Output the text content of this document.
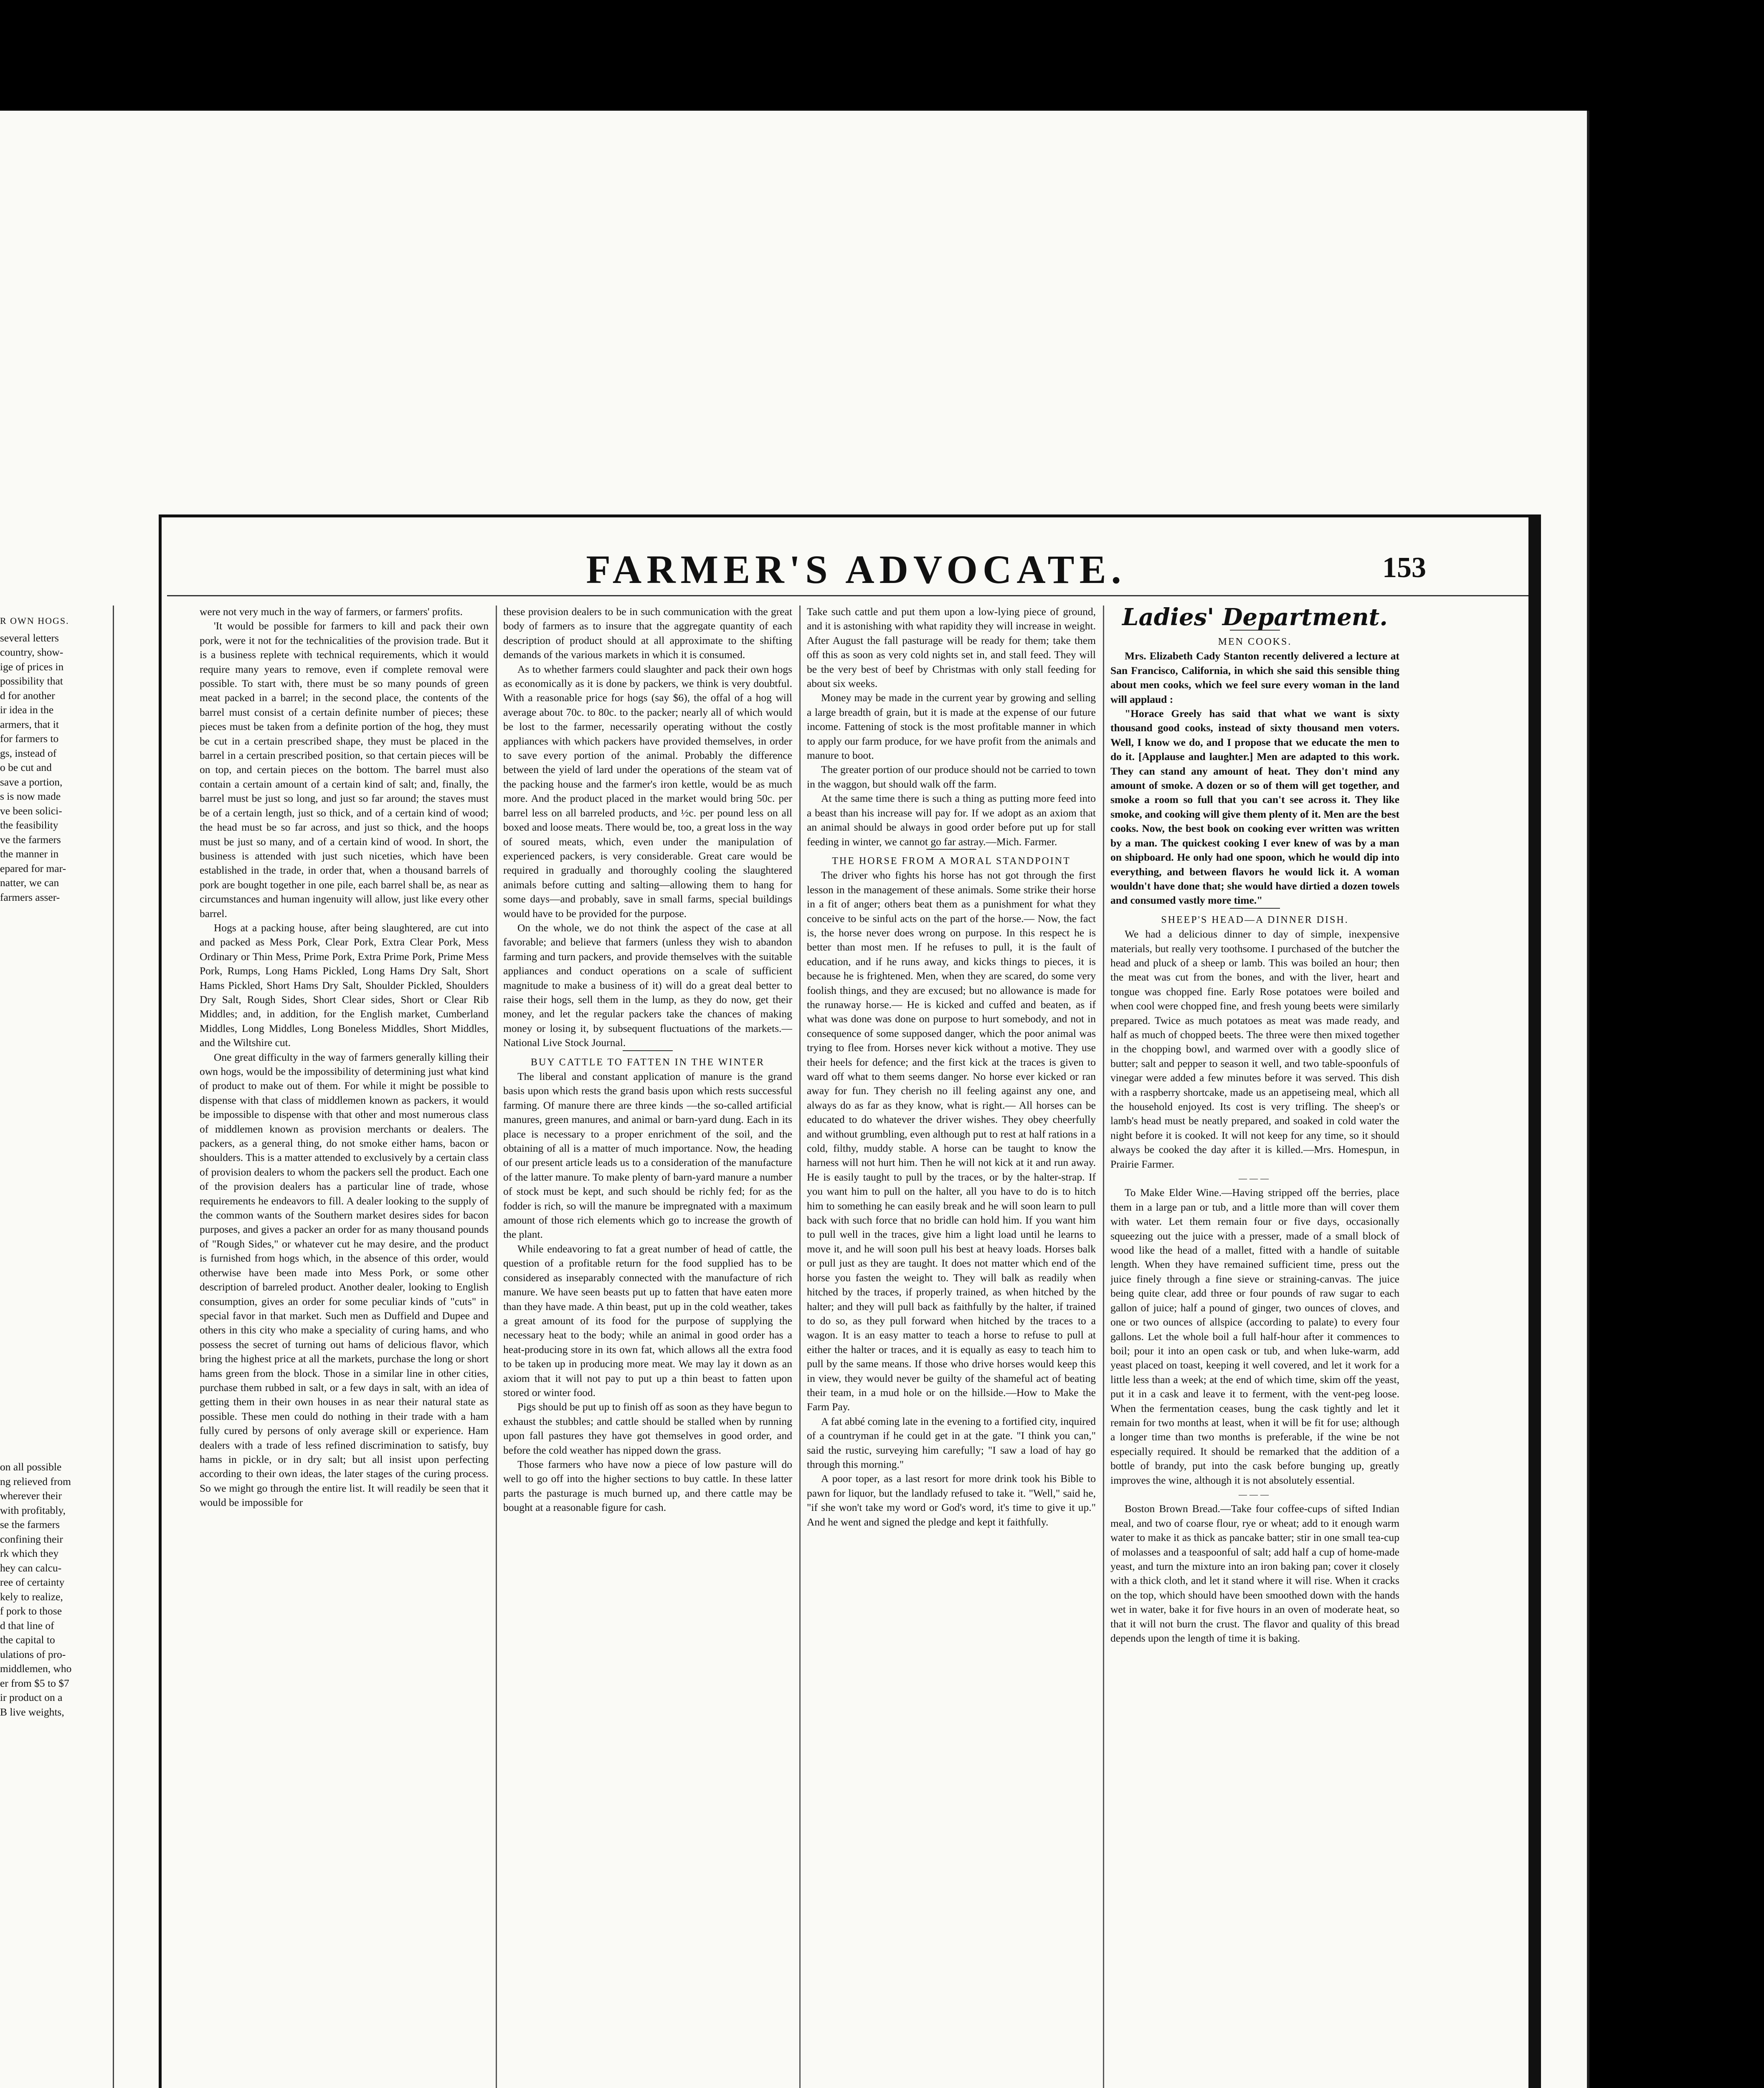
R OWN HOGS.

several letters

country, show-

ige of prices in

possibility that

d for another

ir idea in the

armers, that it

for farmers to

gs, instead of

o be cut and

save a portion,

s is now made

ve been solici-

the feasibility

ve the farmers

the manner in

epared for mar-

natter, we can

farmers asser-

on all possible

ng relieved from

wherever their

with profitably,

se the farmers

confining their

rk which they

hey can calcu-

ree of certainty

kely to realize,

f pork to those

d that line of

the capital to

ulations of pro-

middlemen, who

er from $5 to $7

ir product on a

B live weights,

FARMER'S ADVOCATE.	153

were not very much in the way of farmers, or farmers' profits.

'It would be possible for farmers to kill and pack their own pork, were it not for the technicalities of the provision trade. But it is a business replete with technical requirements, which it would require many years to remove, even if complete removal were possible. To start with, there must be so many pounds of green meat packed in a barrel; in the second place, the contents of the barrel must consist of a certain definite number of pieces; these pieces must be taken from a definite portion of the hog, they must be cut in a certain prescribed shape, they must be placed in the barrel in a certain prescribed position, so that certain pieces will be on top, and certain pieces on the bottom. The barrel must also contain a certain amount of a certain kind of salt; and, finally, the barrel must be just so long, and just so far around; the staves must be of a certain length, just so thick, and of a certain kind of wood; the head must be so far across, and just so thick, and the hoops must be just so many, and of a certain kind of wood. In short, the business is attended with just such niceties, which have been established in the trade, in order that, when a thousand barrels of pork are bought together in one pile, each barrel shall be, as near as circumstances and human ingenuity will allow, just like every other barrel.

Hogs at a packing house, after being slaughtered, are cut into and packed as Mess Pork, Clear Pork, Extra Clear Pork, Mess Ordinary or Thin Mess, Prime Pork, Extra Prime Pork, Prime Mess Pork, Rumps, Long Hams Pickled, Long Hams Dry Salt, Short Hams Pickled, Short Hams Dry Salt, Shoulder Pickled, Shoulders Dry Salt, Rough Sides, Short Clear sides, Short or Clear Rib Middles; and, in addition, for the English market, Cumberland Middles, Long Middles, Long Boneless Middles, Short Middles, and the Wiltshire cut.

One great difficulty in the way of farmers generally killing their own hogs, would be the impossibility of determining just what kind of product to make out of them. For while it might be possible to dispense with that class of middlemen known as packers, it would be impossible to dispense with that other and most numerous class of middlemen known as provision merchants or dealers. The packers, as a general thing, do not smoke either hams, bacon or shoulders. This is a matter attended to exclusively by a certain class of provision dealers to whom the packers sell the product. Each one of the provision dealers has a particular line of trade, whose requirements he endeavors to fill. A dealer looking to the supply of the common wants of the Southern market desires sides for bacon purposes, and gives a packer an order for as many thousand pounds of "Rough Sides," or whatever cut he may desire, and the product is furnished from hogs which, in the absence of this order, would otherwise have been made into Mess Pork, or some other description of barreled product. Another dealer, looking to English consumption, gives an order for some peculiar kinds of "cuts" in special favor in that market. Such men as Duffield and Dupee and others in this city who make a speciality of curing hams, and who possess the secret of turning out hams of delicious flavor, which bring the highest price at all the markets, purchase the long or short hams green from the block. Those in a similar line in other cities, purchase them rubbed in salt, or a few days in salt, with an idea of getting them in their own houses in as near their natural state as possible. These men could do nothing in their trade with a ham fully cured by persons of only average skill or experience. Ham dealers with a trade of less refined discrimination to satisfy, buy hams in pickle, or in dry salt; but all insist upon perfecting according to their own ideas, the later stages of the curing process. So we might go through the entire list. It will readily be seen that it would be impossible for

these provision dealers to be in such communication with the great body of farmers as to insure that the aggregate quantity of each description of product should at all approximate to the shifting demands of the various markets in which it is consumed.

As to whether farmers could slaughter and pack their own hogs as economically as it is done by packers, we think is very doubtful. With a reasonable price for hogs (say $6), the offal of a hog will average about 70c. to 80c. to the packer; nearly all of which would be lost to the farmer, necessarily operating without the costly appliances with which packers have provided themselves, in order to save every portion of the animal. Probably the difference between the yield of lard under the operations of the steam vat of the packing house and the farmer's iron kettle, would be as much more. And the product placed in the market would bring 50c. per barrel less on all barreled products, and ½c. per pound less on all boxed and loose meats. There would be, too, a great loss in the way of soured meats, which, even under the manipulation of experienced packers, is very considerable. Great care would be required in gradually and thoroughly cooling the slaughtered animals before cutting and salting—allowing them to hang for some days—and probably, save in small farms, special buildings would have to be provided for the purpose.

On the whole, we do not think the aspect of the case at all favorable; and believe that farmers (unless they wish to abandon farming and turn packers, and provide themselves with the suitable appliances and conduct operations on a scale of sufficient magnitude to make a business of it) will do a great deal better to raise their hogs, sell them in the lump, as they do now, get their money, and let the regular packers take the chances of making money or losing it, by subsequent fluctuations of the markets.—National Live Stock Journal.

BUY CATTLE TO FATTEN IN THE WINTER

The liberal and constant application of manure is the grand basis upon which rests the grand basis upon which rests successful farming. Of manure there are three kinds —the so-called artificial manures, green manures, and animal or barn-yard dung. Each in its place is necessary to a proper enrichment of the soil, and the obtaining of all is a matter of much importance. Now, the heading of our present article leads us to a consideration of the manufacture of the latter manure. To make plenty of barn-yard manure a number of stock must be kept, and such should be richly fed; for as the fodder is rich, so will the manure be impregnated with a maximum amount of those rich elements which go to increase the growth of the plant.

While endeavoring to fat a great number of head of cattle, the question of a profitable return for the food supplied has to be considered as inseparably connected with the manufacture of rich manure. We have seen beasts put up to fatten that have eaten more than they have made. A thin beast, put up in the cold weather, takes a great amount of its food for the purpose of supplying the necessary heat to the body; while an animal in good order has a heat-producing store in its own fat, which allows all the extra food to be taken up in producing more meat. We may lay it down as an axiom that it will not pay to put up a thin beast to fatten upon stored or winter food.

Pigs should be put up to finish off as soon as they have begun to exhaust the stubbles; and cattle should be stalled when by running upon fall pastures they have got themselves in good order, and before the cold weather has nipped down the grass.

Those farmers who have now a piece of low pasture will do well to go off into the higher sections to buy cattle. In these latter parts the pasturage is much burned up, and there cattle may be bought at a reasonable figure for cash.

Take such cattle and put them upon a low-lying piece of ground, and it is astonishing with what rapidity they will increase in weight. After August the fall pasturage will be ready for them; take them off this as soon as very cold nights set in, and stall feed. They will be the very best of beef by Christmas with only stall feeding for about six weeks.

Money may be made in the current year by growing and selling a large breadth of grain, but it is made at the expense of our future income. Fattening of stock is the most profitable manner in which to apply our farm produce, for we have profit from the animals and manure to boot.

The greater portion of our produce should not be carried to town in the waggon, but should walk off the farm.

At the same time there is such a thing as putting more feed into a beast than his increase will pay for. If we adopt as an axiom that an animal should be always in good order before put up for stall feeding in winter, we cannot go far astray.—Mich. Farmer.

THE HORSE FROM A MORAL STANDPOINT

The driver who fights his horse has not got through the first lesson in the management of these animals. Some strike their horse in a fit of anger; others beat them as a punishment for what they conceive to be sinful acts on the part of the horse.— Now, the fact is, the horse never does wrong on purpose. In this respect he is better than most men. If he refuses to pull, it is the fault of education, and if he runs away, and kicks things to pieces, it is because he is frightened. Men, when they are scared, do some very foolish things, and they are excused; but no allowance is made for the runaway horse.— He is kicked and cuffed and beaten, as if what was done was done on purpose to hurt somebody, and not in consequence of some supposed danger, which the poor animal was trying to flee from. Horses never kick without a motive. They use their heels for defence; and the first kick at the traces is given to ward off what to them seems danger. No horse ever kicked or ran away for fun. They cherish no ill feeling against any one, and always do as far as they know, what is right.— All horses can be educated to do whatever the driver wishes. They obey cheerfully and without grumbling, even although put to rest at half rations in a cold, filthy, muddy stable. A horse can be taught to know the harness will not hurt him. Then he will not kick at it and run away. He is easily taught to pull by the traces, or by the halter-strap. If you want him to pull on the halter, all you have to do is to hitch him to something he can easily break and he will soon learn to pull back with such force that no bridle can hold him. If you want him to pull well in the traces, give him a light load until he learns to move it, and he will soon pull his best at heavy loads. Horses balk or pull just as they are taught. It does not matter which end of the horse you fasten the weight to. They will balk as readily when hitched by the traces, if properly trained, as when hitched by the halter; and they will pull back as faithfully by the halter, if trained to do so, as they pull forward when hitched by the traces to a wagon. It is an easy matter to teach a horse to refuse to pull at either the halter or traces, and it is equally as easy to teach him to pull by the same means. If those who drive horses would keep this in view, they would never be guilty of the shameful act of beating their team, in a mud hole or on the hillside.—How to Make the Farm Pay.

A fat abbé coming late in the evening to a fortified city, inquired of a countryman if he could get in at the gate. "I think you can," said the rustic, surveying him carefully; "I saw a load of hay go through this morning."

A poor toper, as a last resort for more drink took his Bible to pawn for liquor, but the landlady refused to take it. "Well," said he, "if she won't take my word or God's word, it's time to give it up." And he went and signed the pledge and kept it faithfully.

Ladies' Department.

MEN COOKS.

Mrs. Elizabeth Cady Stanton recently delivered a lecture at San Francisco, California, in which she said this sensible thing about men cooks, which we feel sure every woman in the land will applaud :

"Horace Greely has said that what we want is sixty thousand good cooks, instead of sixty thousand men voters. Well, I know we do, and I propose that we educate the men to do it. [Applause and laughter.] Men are adapted to this work. They can stand any amount of heat. They don't mind any amount of smoke. A dozen or so of them will get together, and smoke a room so full that you can't see across it. They like smoke, and cooking will give them plenty of it. Men are the best cooks. Now, the best book on cooking ever written was written by a man. The quickest cooking I ever knew of was by a man on shipboard. He only had one spoon, which he would dip into everything, and between flavors he would lick it. A woman wouldn't have done that; she would have dirtied a dozen towels and consumed vastly more time."

SHEEP'S HEAD—A DINNER DISH.

We had a delicious dinner to day of simple, inexpensive materials, but really very toothsome. I purchased of the butcher the head and pluck of a sheep or lamb. This was boiled an hour; then the meat was cut from the bones, and with the liver, heart and tongue was chopped fine. Early Rose potatoes were boiled and when cool were chopped fine, and fresh young beets were similarly prepared. Twice as much potatoes as meat was made ready, and half as much of chopped beets. The three were then mixed together in the chopping bowl, and warmed over with a goodly slice of butter; salt and pepper to season it well, and two table-spoonfuls of vinegar were added a few minutes before it was served. This dish with a raspberry shortcake, made us an appetiseing meal, which all the household enjoyed. Its cost is very trifling. The sheep's or lamb's head must be neatly prepared, and soaked in cold water the night before it is cooked. It will not keep for any time, so it should always be cooked the day after it is killed.—Mrs. Homespun, in Prairie Farmer.

———

To Make Elder Wine.—Having stripped off the berries, place them in a large pan or tub, and a little more than will cover them with water. Let them remain four or five days, occasionally squeezing out the juice with a presser, made of a small block of wood like the head of a mallet, fitted with a handle of suitable length. When they have remained sufficient time, press out the juice finely through a fine sieve or straining-canvas. The juice being quite clear, add three or four pounds of raw sugar to each gallon of juice; half a pound of ginger, two ounces of cloves, and one or two ounces of allspice (according to palate) to every four gallons. Let the whole boil a full half-hour after it commences to boil; pour it into an open cask or tub, and when luke-warm, add yeast placed on toast, keeping it well covered, and let it work for a little less than a week; at the end of which time, skim off the yeast, put it in a cask and leave it to ferment, with the vent-peg loose. When the fermentation ceases, bung the cask tightly and let it remain for two months at least, when it will be fit for use; although a longer time than two months is preferable, if the wine be not especially required. It should be remarked that the addition of a bottle of brandy, put into the cask before bunging up, greatly improves the wine, although it is not absolutely essential.

———

Boston Brown Bread.—Take four coffee-cups of sifted Indian meal, and two of coarse flour, rye or wheat; add to it enough warm water to make it as thick as pancake batter; stir in one small tea-cup of molasses and a teaspoonful of salt; add half a cup of home-made yeast, and turn the mixture into an iron baking pan; cover it closely with a thick cloth, and let it stand where it will rise. When it cracks on the top, which should have been smoothed down with the hands wet in water, bake it for five hours in an oven of moderate heat, so that it will not burn the crust. The flavor and quality of this bread depends upon the length of time it is baking.
